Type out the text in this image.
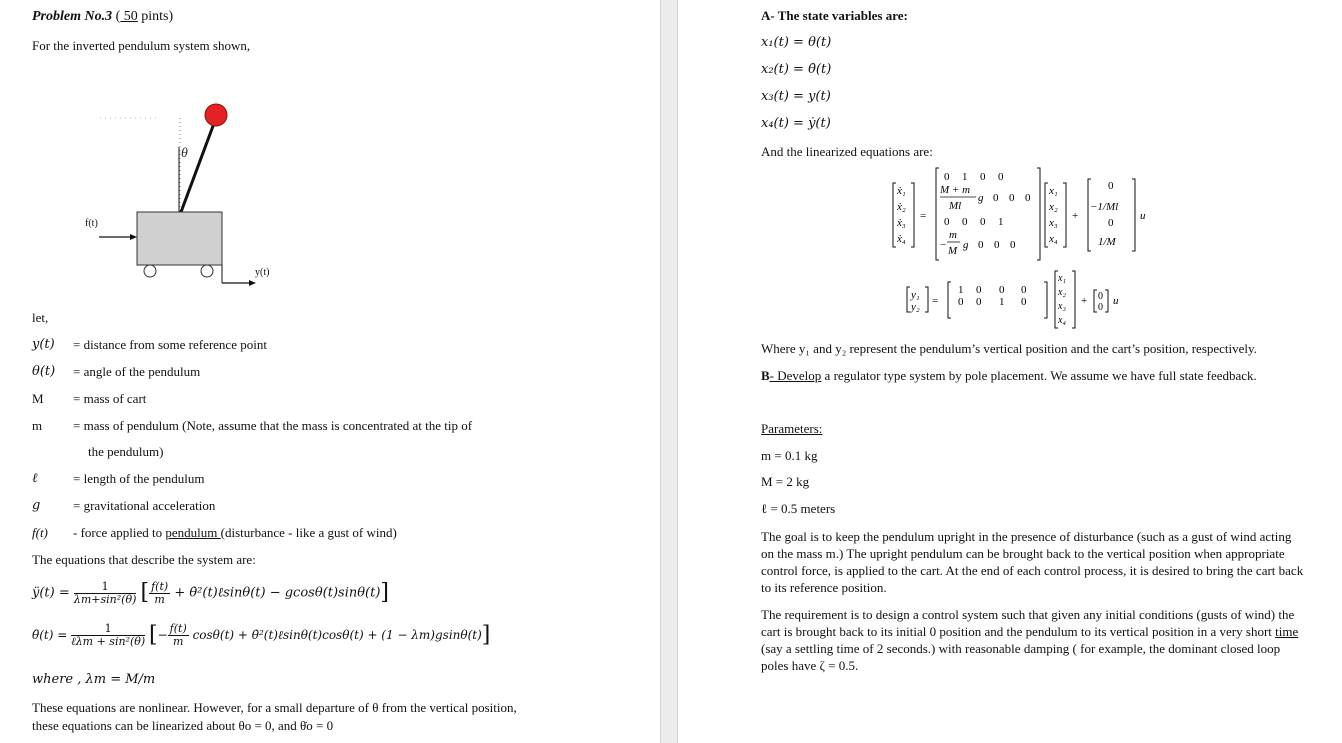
Problem No.3 ( 50 pints)
For the inverted pendulum system shown,
θ
f(t)
y(t)
let,
y(t) = distance from some reference point
θ(t) = angle of the pendulum
M = mass of cart
m = mass of pendulum (Note, assume that the mass is concentrated at the tip of
the pendulum)
ℓ	= length of the pendulum
g	= gravitational acceleration
f(t) - force applied to pendulum (disturbance - like a gust of wind)
The equations that describe the system are:
ÿ(t) = $\frac{1}{\text{λm+sin²(θ)}}$ [ $\frac{f(t)}{m}$ + θ̇²(t)ℓsinθ(t) − gcosθ(t)sinθ(t)]
θ̈(t) = $\frac{1}{\text{ℓλm + sin²(θ)}}$ [− $\frac{f(t)}{m} \cos\theta(t)$ + θ̇²(t)ℓsinθ(t)cosθ(t) + (1 − λm)gsinθ(t)]
where , λm = M/m
These equations are nonlinear. However, for a small departure of θ from the vertical position,
these equations can be linearized about θo = 0, and θ̇o = 0
A- The state variables are:
x₁(t) = θ(t)
x₂(t) = θ̇(t)
x₃(t) = y(t)
x₄(t) = ẏ(t)
And the linearized equations are:
ẋ₁
ẋ₂
ẋ₃
ẋ₄
=
0 1 0 0
M + m
Ml
g 0 0 0
0 0 0 1
−
m
M g 0 0 0
x₁
x₂
x₃
x₄
+
0
−1/Ml
0
1/M
u
y₁
y₂ =
1 0 0 0
0 0 1 0
x₁
x₂
x₃
x₄
+ 0
0
u
Where y₁ and y₂ represent the pendulum’s vertical position and the cart’s position, respectively.
B- Develop a regulator type system by pole placement. We assume we have full state feedback.
Parameters:
m = 0.1 kg
M = 2 kg
ℓ = 0.5 meters
The goal is to keep the pendulum upright in the presence of disturbance (such as a gust of wind acting on the mass m.) The upright pendulum can be brought back to the vertical position when appropriate control force, is applied to the cart. At the end of each control process, it is desired to bring the cart back to its reference position.
The requirement is to design a control system such that given any initial conditions (gusts of wind) the cart is brought back to its initial 0 position and the pendulum to its vertical position in a very short time (say a settling time of 2 seconds.) with reasonable damping ( for example, the dominant closed loop poles have ζ = 0.5.
